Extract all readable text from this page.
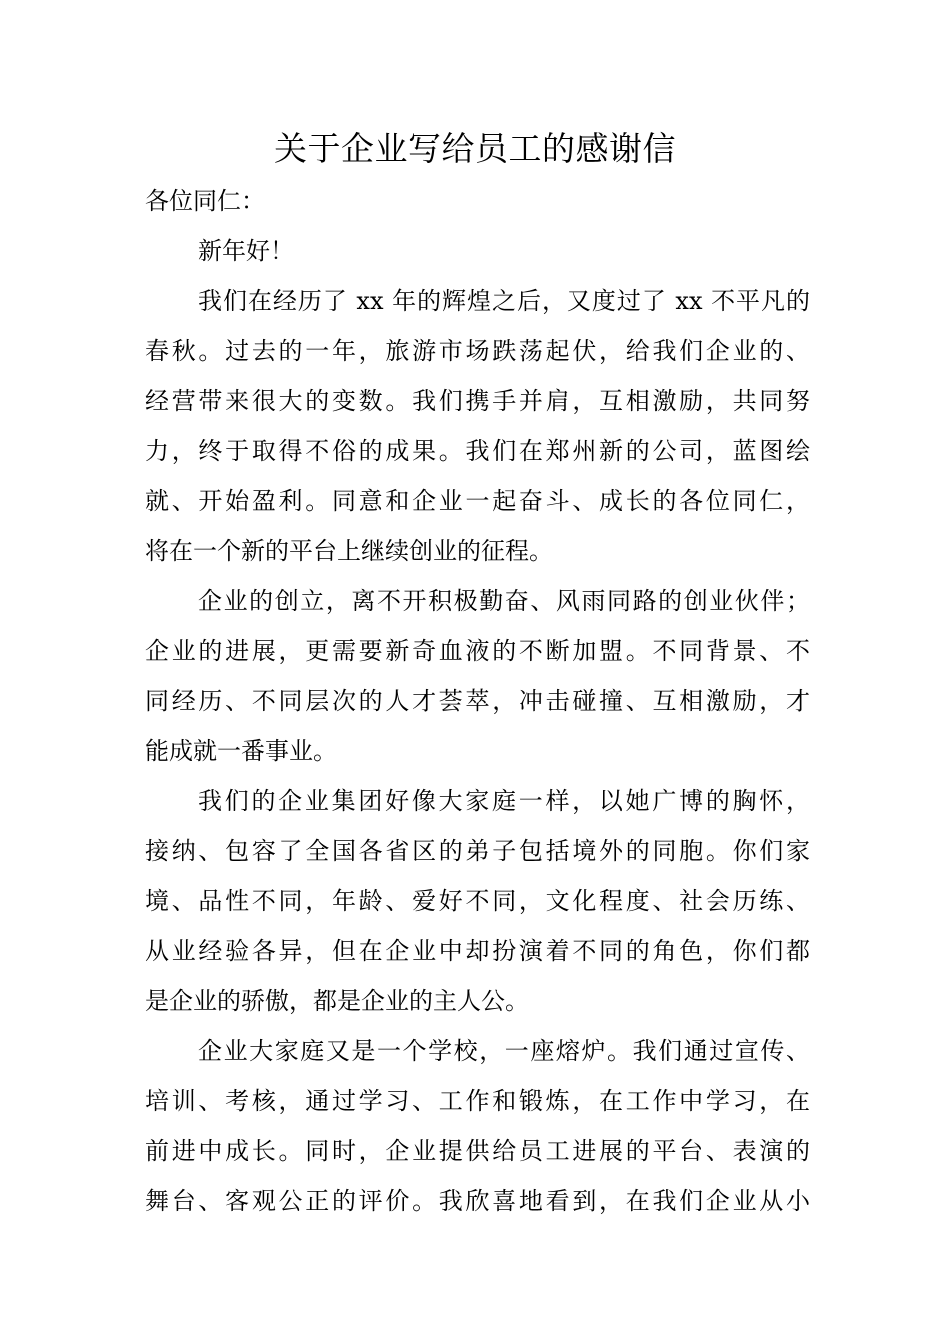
关于企业写给员工的感谢信

各位同仁：

新年好！

我们在经历了 xx 年的辉煌之后，又度过了 xx 不平凡的
春秋。过去的一年，旅游市场跌荡起伏，给我们企业的、
经营带来很大的变数。我们携手并肩，互相激励，共同努
力，终于取得不俗的成果。我们在郑州新的公司，蓝图绘
就、开始盈利。同意和企业一起奋斗、成长的各位同仁，
将在一个新的平台上继续创业的征程。

企业的创立，离不开积极勤奋、风雨同路的创业伙伴；
企业的进展，更需要新奇血液的不断加盟。不同背景、不
同经历、不同层次的人才荟萃，冲击碰撞、互相激励，才
能成就一番事业。

我们的企业集团好像大家庭一样，以她广博的胸怀，
接纳、包容了全国各省区的弟子包括境外的同胞。你们家
境、品性不同，年龄、爱好不同，文化程度、社会历练、
从业经验各异，但在企业中却扮演着不同的角色，你们都
是企业的骄傲，都是企业的主人公。

企业大家庭又是一个学校，一座熔炉。我们通过宣传、
培训、考核，通过学习、工作和锻炼，在工作中学习，在
前进中成长。同时，企业提供给员工进展的平台、表演的
舞台、客观公正的评价。我欣喜地看到，在我们企业从小
